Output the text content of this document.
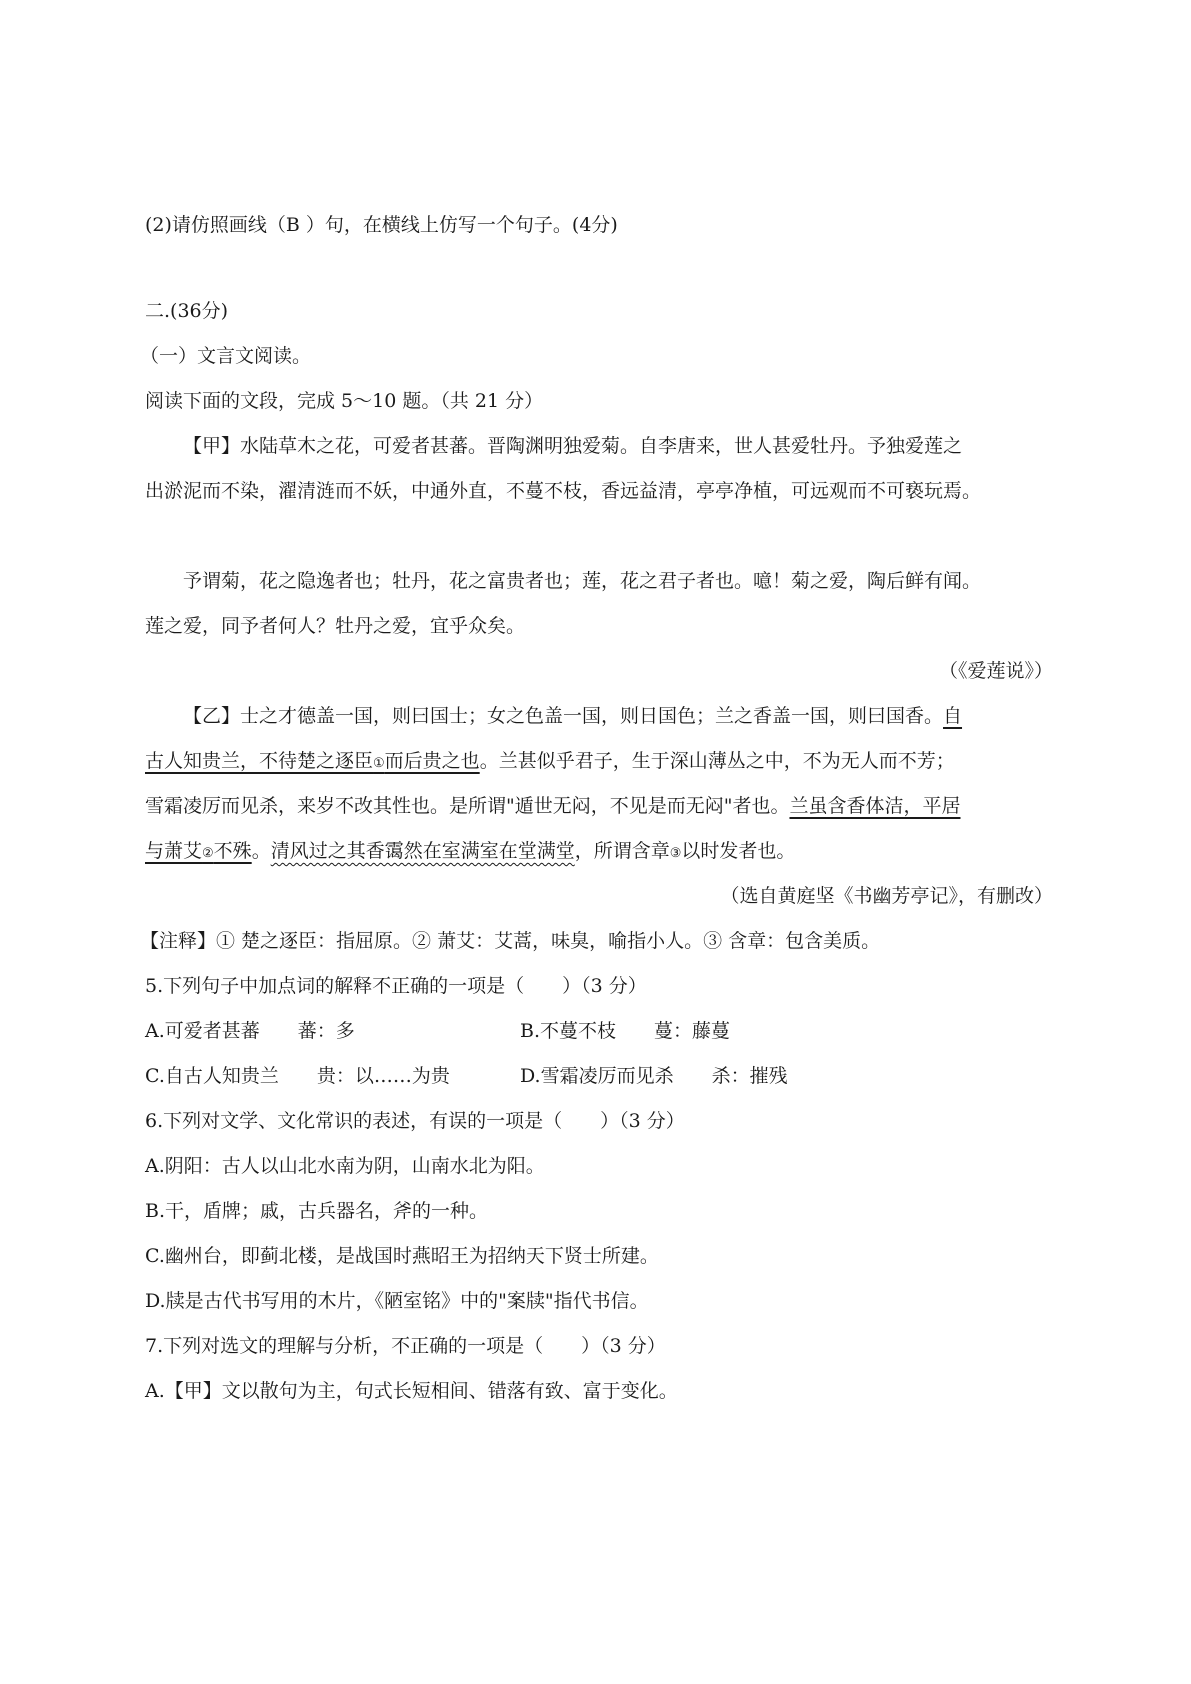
(2)请仿照画线（B ）句，在横线上仿写一个句子。(4分)
二.(36分)
（一）文言文阅读。
阅读下面的文段，完成 5～10 题。（共 21 分）
【甲】水陆草木之花，可爱者甚蕃。晋陶渊明独爱菊。自李唐来，世人甚爱牡丹。予独爱莲之
出淤泥而不染，濯清涟而不妖，中通外直，不蔓不枝，香远益清，亭亭净植，可远观而不可亵玩焉。
予谓菊，花之隐逸者也；牡丹，花之富贵者也；莲，花之君子者也。噫！菊之爱，陶后鲜有闻。
莲之爱，同予者何人？牡丹之爱，宜乎众矣。
（《爱莲说》）
【乙】士之才德盖一国，则曰国士；女之色盖一国，则日国色；兰之香盖一国，则曰国香。自
古人知贵兰，不待楚之逐臣①而后贵之也。兰甚似乎君子，生于深山薄丛之中，不为无人而不芳；
雪霜凌厉而见杀，来岁不改其性也。是所谓"遁世无闷，不见是而无闷"者也。兰虽含香体洁，平居
与萧艾②不殊。清风过之其香霭然在室满室在堂满堂，所谓含章③以时发者也。
（选自黄庭坚《书幽芳亭记》，有删改）
【注释】① 楚之逐臣：指屈原。② 萧艾：艾蒿，味臭，喻指小人。③ 含章：包含美质。
5.下列句子中加点词的解释不正确的一项是（　　）（3 分）
A.可爱者甚蕃　　蕃：多	B.不蔓不枝　　蔓：藤蔓
C.自古人知贵兰　　贵：以……为贵	D.雪霜凌厉而见杀　　杀：摧残
6.下列对文学、文化常识的表述，有误的一项是（　　）（3 分）
A.阴阳：古人以山北水南为阴，山南水北为阳。
B.干，盾牌；戚，古兵器名，斧的一种。
C.幽州台，即蓟北楼，是战国时燕昭王为招纳天下贤士所建。
D.牍是古代书写用的木片，《陋室铭》中的"案牍"指代书信。
7.下列对选文的理解与分析，不正确的一项是（　　）（3 分）
A.【甲】文以散句为主，句式长短相间、错落有致、富于变化。
